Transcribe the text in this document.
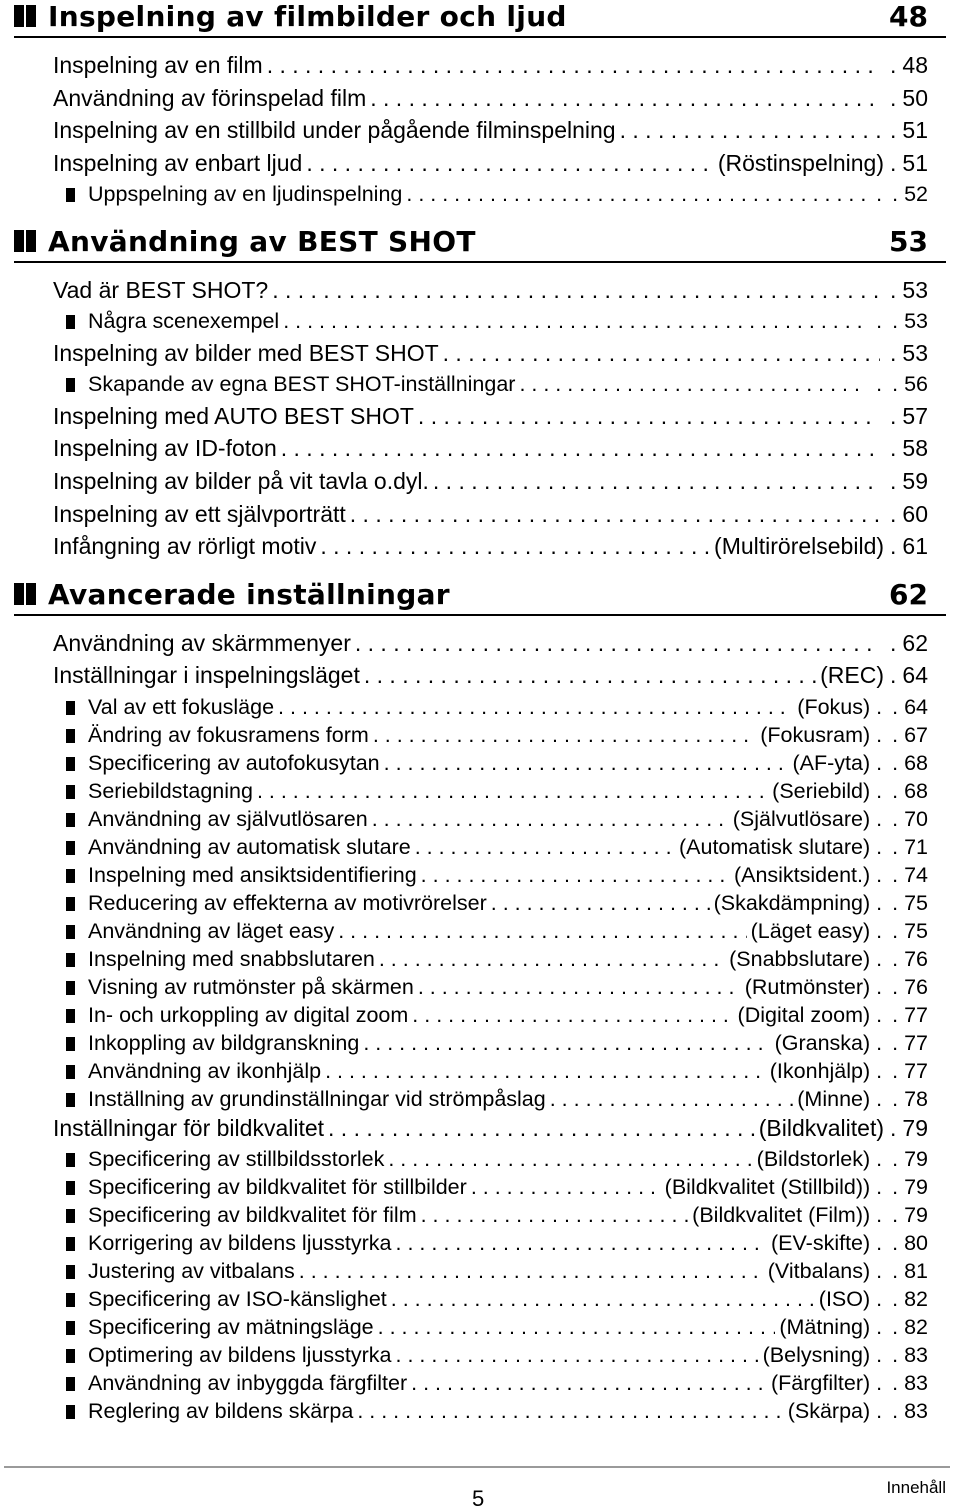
Inspelning av filmbilder och ljud	48
Inspelning av en film . . .	. 48
Användning av förinspelad film . . .	. 50
Inspelning av en stillbild under pågående filminspelning . . .	. 51
Inspelning av enbart ljud . . .	(Röstinspelning) . 51
Uppspelning av en ljudinspelning . . .	. . 52
Användning av BEST SHOT	53
Vad är BEST SHOT? . . .	. 53
Några scenexempel . . .	. . 53
Inspelning av bilder med BEST SHOT . . .	. 53
Skapande av egna BEST SHOT-inställningar . . .	. . 56
Inspelning med AUTO BEST SHOT . . .	. 57
Inspelning av ID-foton . . .	. 58
Inspelning av bilder på vit tavla o.dyl. . . .	. 59
Inspelning av ett självporträtt . . .	. 60
Infångning av rörligt motiv . . .	(Multirörelsebild) . 61
Avancerade inställningar	62
Användning av skärmmenyer . . .	. 62
Inställningar i inspelningsläget . . .	(REC) . 64
Val av ett fokusläge . . .	(Fokus) . . 64
Ändring av fokusramens form . . .	(Fokusram) . . 67
Specificering av autofokusytan . . .	(AF-yta) . . 68
Seriebildstagning . . .	(Seriebild) . . 68
Användning av självutlösaren . . .	(Självutlösare) . . 70
Användning av automatisk slutare . . .	(Automatisk slutare) . . 71
Inspelning med ansiktsidentifiering . . .	(Ansiktsident.) . . 74
Reducering av effekterna av motivrörelser . . .	(Skakdämpning) . . 75
Användning av läget easy . . .	(Läget easy) . . 75
Inspelning med snabbslutaren . . .	(Snabbslutare) . . 76
Visning av rutmönster på skärmen . . .	(Rutmönster) . . 76
In- och urkoppling av digital zoom . . .	(Digital zoom) . . 77
Inkoppling av bildgranskning . . .	(Granska) . . 77
Användning av ikonhjälp . . .	(Ikonhjälp) . . 77
Inställning av grundinställningar vid strömpåslag . . .	(Minne) . . 78
Inställningar för bildkvalitet . . .	(Bildkvalitet) . 79
Specificering av stillbildsstorlek . . .	(Bildstorlek) . . 79
Specificering av bildkvalitet för stillbilder . . .	(Bildkvalitet (Stillbild)) . . 79
Specificering av bildkvalitet för film . . .	(Bildkvalitet (Film)) . . 79
Korrigering av bildens ljusstyrka . . .	(EV-skifte) . . 80
Justering av vitbalans . . .	(Vitbalans) . . 81
Specificering av ISO-känslighet . . .	(ISO) . . 82
Specificering av mätningsläge . . .	(Mätning) . . 82
Optimering av bildens ljusstyrka . . .	(Belysning) . . 83
Användning av inbyggda färgfilter . . .	(Färgfilter) . . 83
Reglering av bildens skärpa . . .	(Skärpa) . . 83
5	Innehåll
